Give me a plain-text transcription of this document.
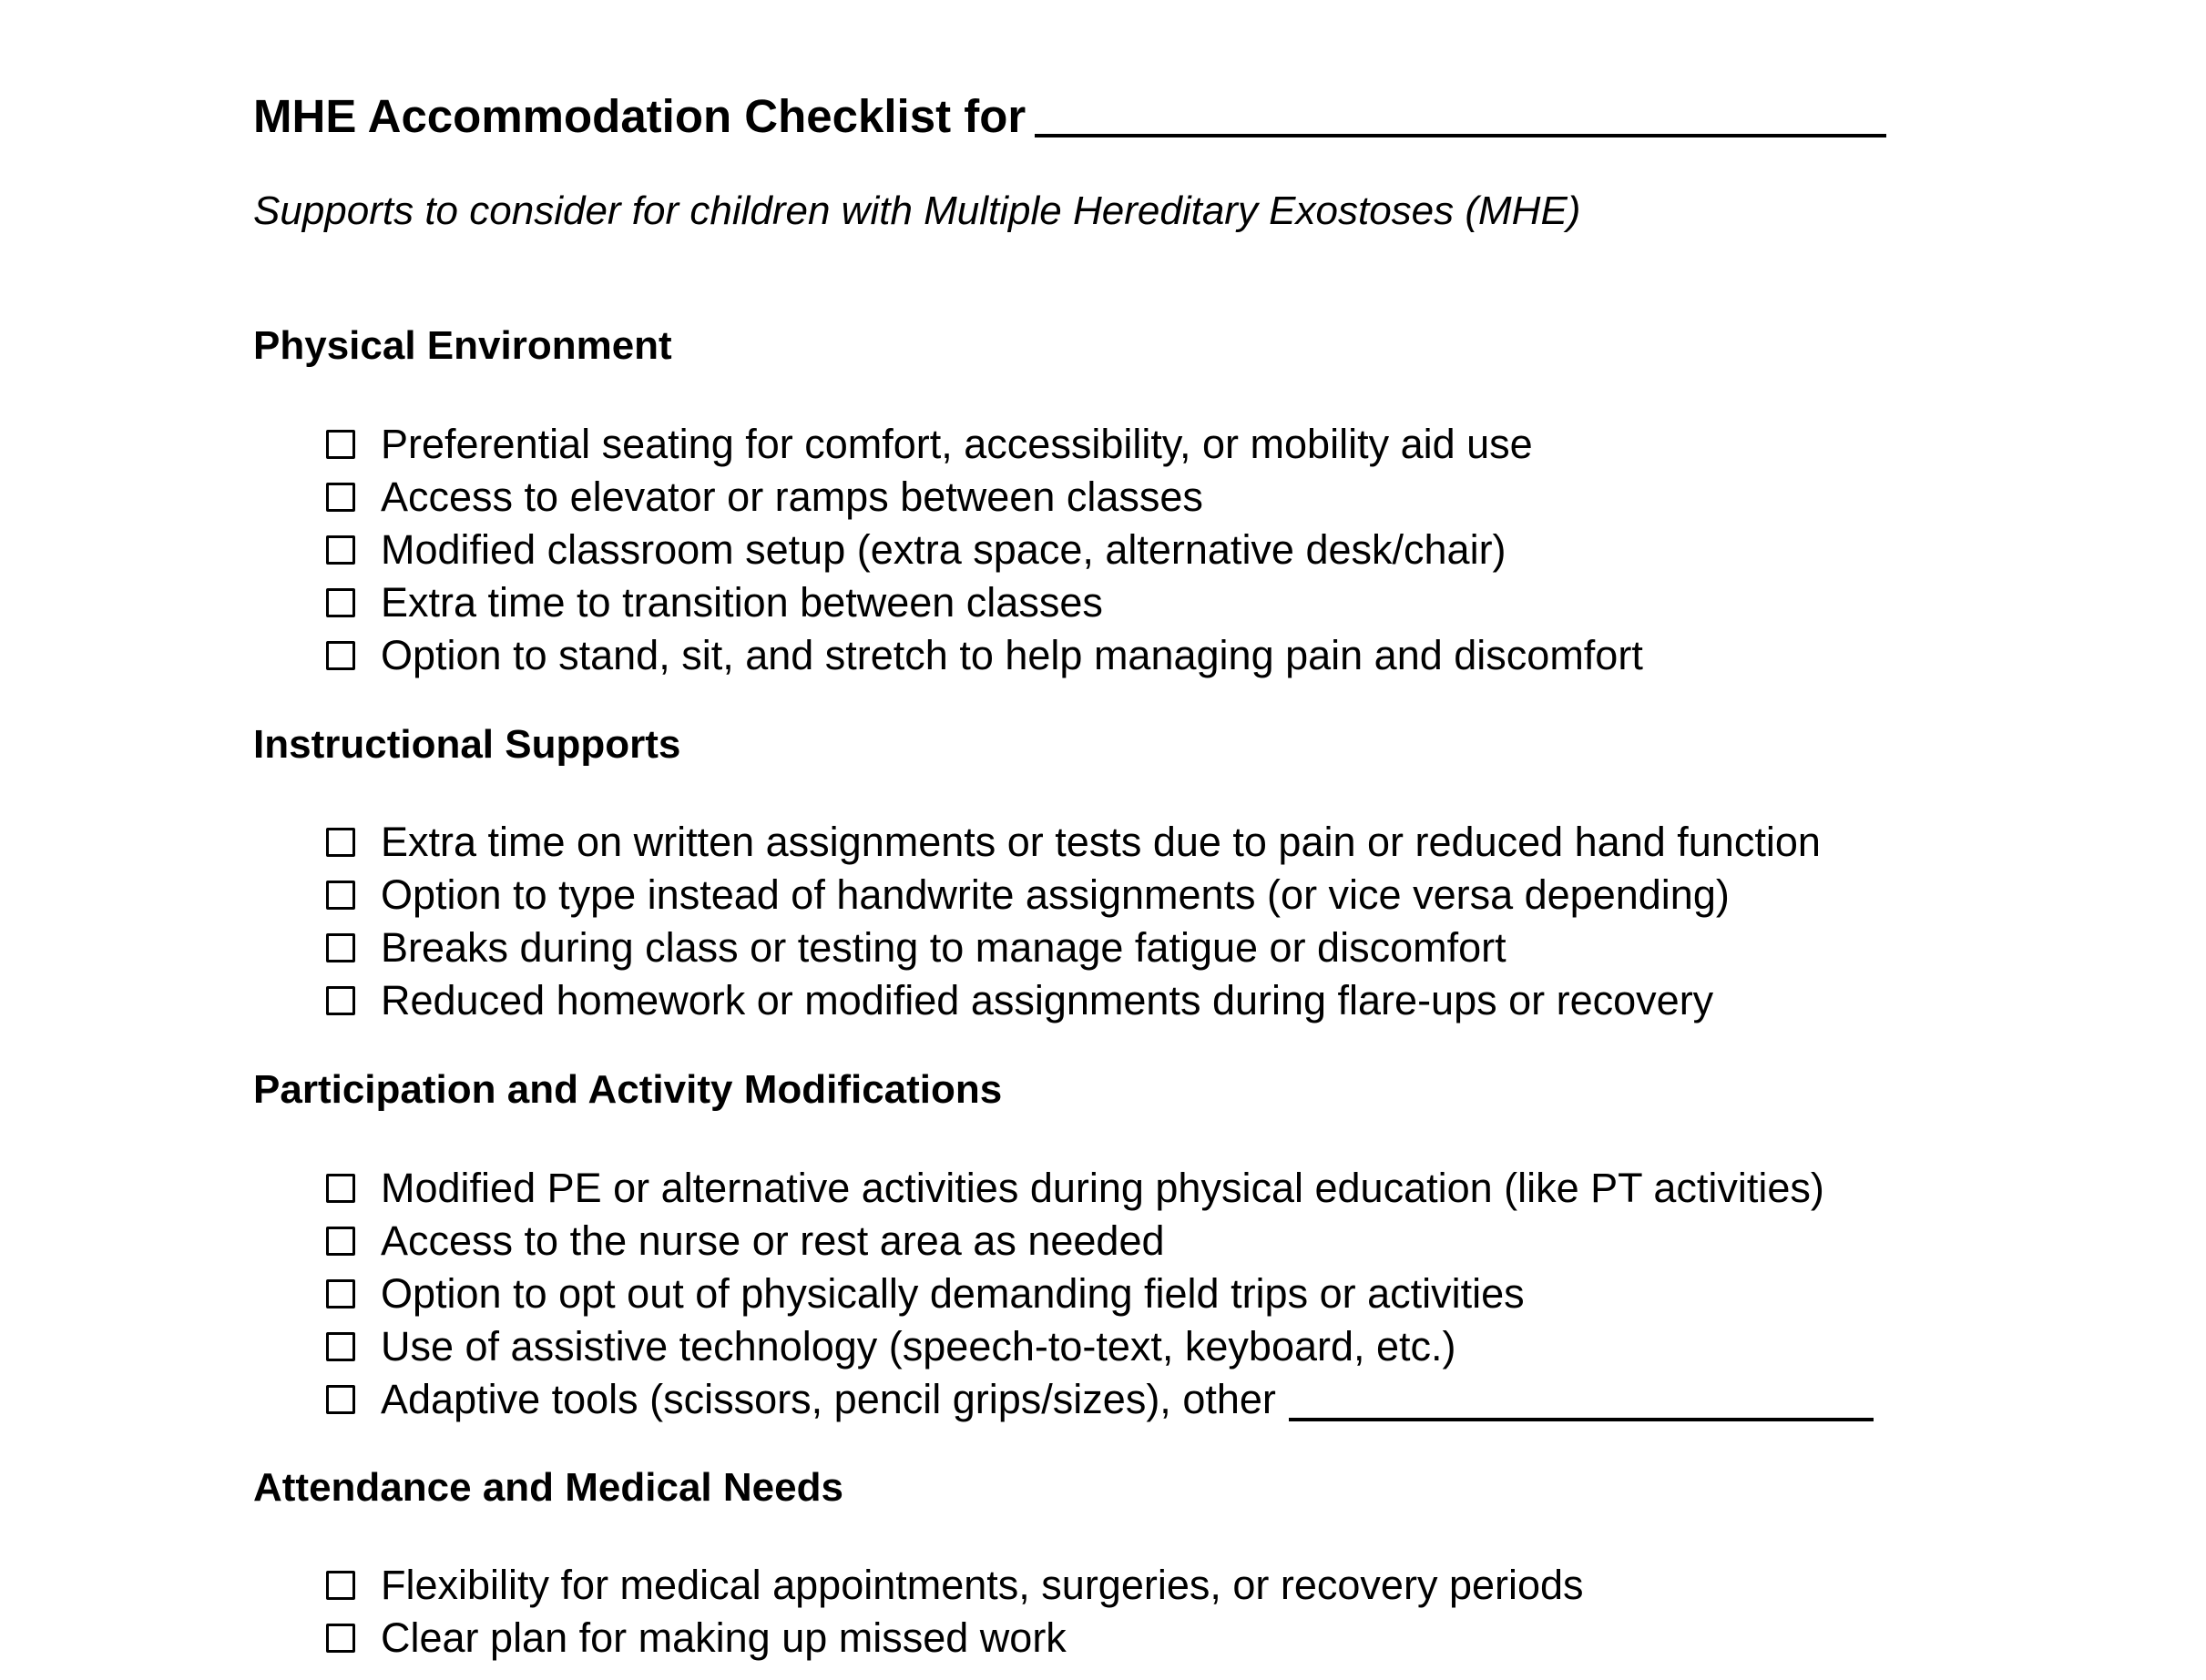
MHE Accommodation Checklist for
Supports to consider for children with Multiple Hereditary Exostoses (MHE)
Physical Environment
Preferential seating for comfort, accessibility, or mobility aid use
Access to elevator or ramps between classes
Modified classroom setup (extra space, alternative desk/chair)
Extra time to transition between classes
Option to stand, sit, and stretch to help managing pain and discomfort
Instructional Supports
Extra time on written assignments or tests due to pain or reduced hand function
Option to type instead of handwrite assignments (or vice versa depending)
Breaks during class or testing to manage fatigue or discomfort
Reduced homework or modified assignments during flare-ups or recovery
Participation and Activity Modifications
Modified PE or alternative activities during physical education (like PT activities)
Access to the nurse or rest area as needed
Option to opt out of physically demanding field trips or activities
Use of assistive technology (speech-to-text, keyboard, etc.)
Adaptive tools (scissors, pencil grips/sizes), other
Attendance and Medical Needs
Flexibility for medical appointments, surgeries, or recovery periods
Clear plan for making up missed work
